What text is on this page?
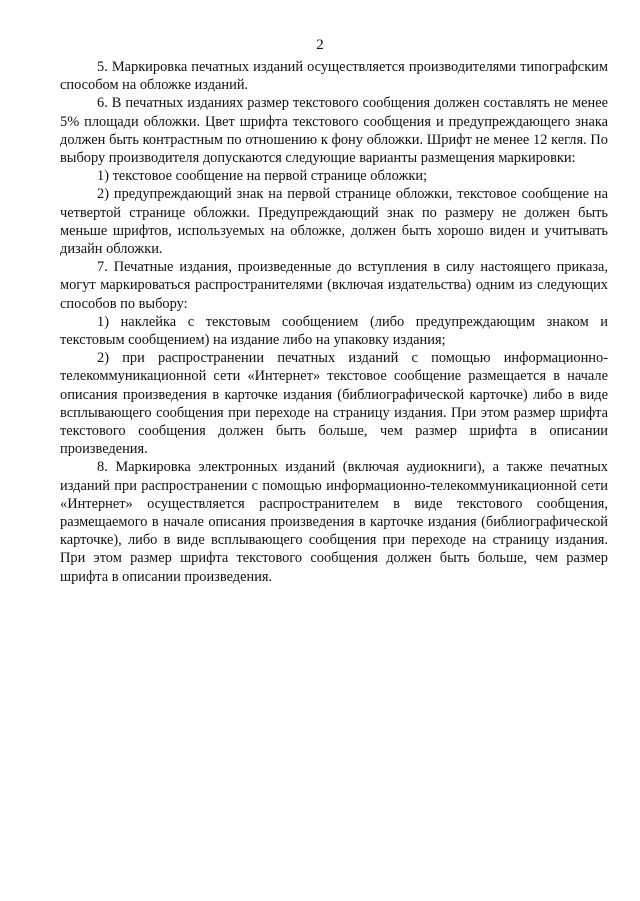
2

5. Маркировка печатных изданий осуществляется производителями типографским способом на обложке изданий.

6. В печатных изданиях размер текстового сообщения должен составлять не менее 5% площади обложки. Цвет шрифта текстового сообщения и предупреждающего знака должен быть контрастным по отношению к фону обложки. Шрифт не менее 12 кегля. По выбору производителя допускаются следующие варианты размещения маркировки:

1) текстовое сообщение на первой странице обложки;

2) предупреждающий знак на первой странице обложки, текстовое сообщение на четвертой странице обложки. Предупреждающий знак по размеру не должен быть меньше шрифтов, используемых на обложке, должен быть хорошо виден и учитывать дизайн обложки.

7. Печатные издания, произведенные до вступления в силу настоящего приказа, могут маркироваться распространителями (включая издательства) одним из следующих способов по выбору:

1) наклейка с текстовым сообщением (либо предупреждающим знаком и текстовым сообщением) на издание либо на упаковку издания;

2) при распространении печатных изданий с помощью информационно-телекоммуникационной сети «Интернет» текстовое сообщение размещается в начале описания произведения в карточке издания (библиографической карточке) либо в виде всплывающего сообщения при переходе на страницу издания. При этом размер шрифта текстового сообщения должен быть больше, чем размер шрифта в описании произведения.

8. Маркировка электронных изданий (включая аудиокниги), а также печатных изданий при распространении с помощью информационно-телекоммуникационной сети «Интернет» осуществляется распространителем в виде текстового сообщения, размещаемого в начале описания произведения в карточке издания (библиографической карточке), либо в виде всплывающего сообщения при переходе на страницу издания. При этом размер шрифта текстового сообщения должен быть больше, чем размер шрифта в описании произведения.
